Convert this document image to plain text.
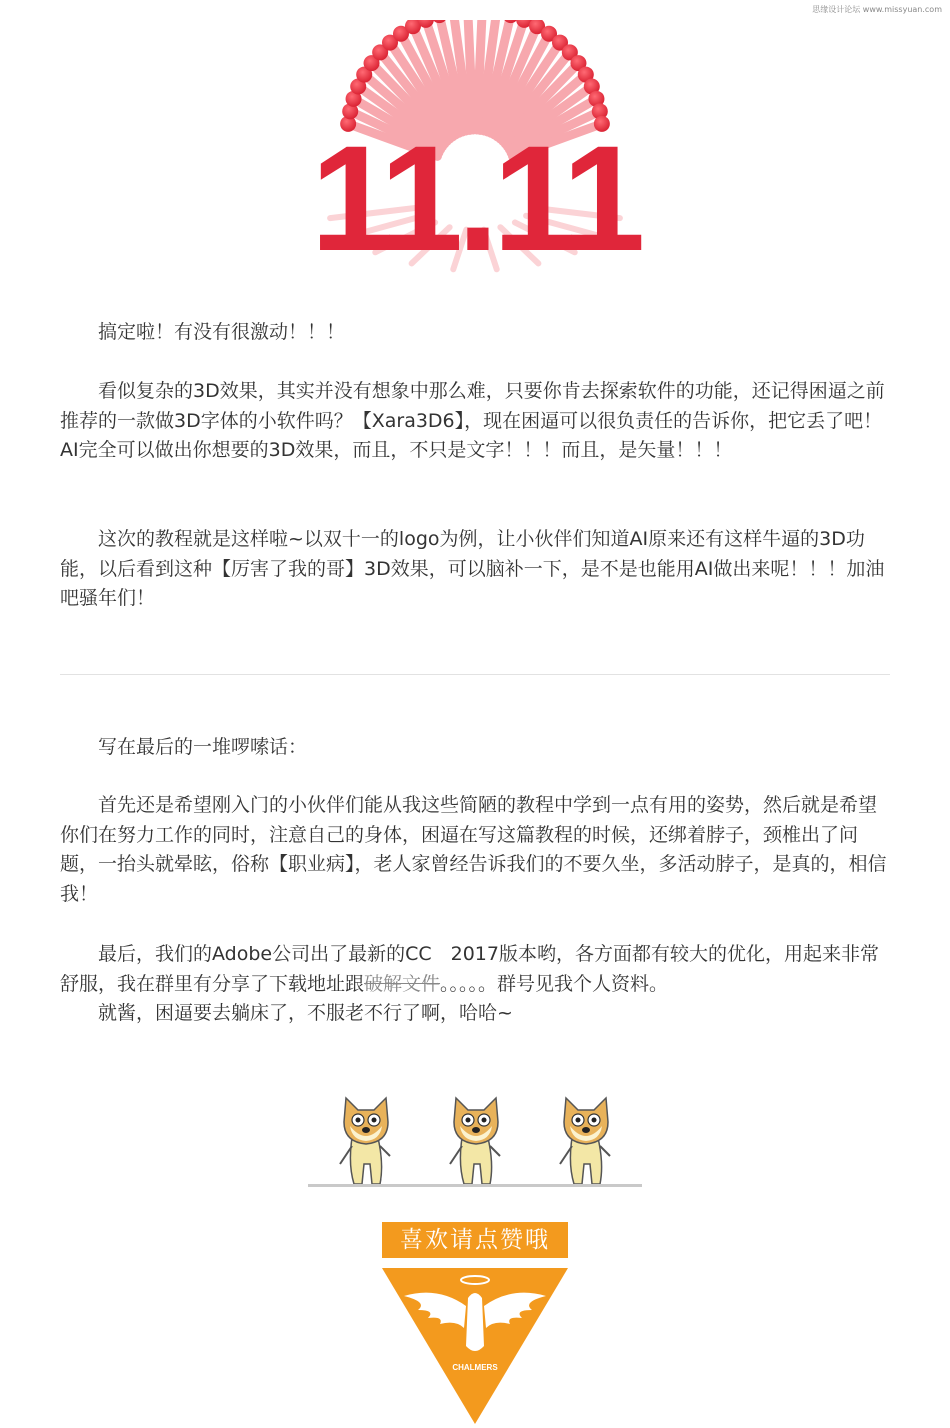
思缘设计论坛 www.missyuan.com
11.11

搞定啦！有没有很激动！！！

看似复杂的3D效果，其实并没有想象中那么难，只要你肯去探索软件的功能，还记得困逼之前推荐的一款做3D字体的小软件吗？【Xara3D6】，现在困逼可以很负责任的告诉你，把它丢了吧！AI完全可以做出你想要的3D效果，而且，不只是文字！！！而且，是矢量！！！

这次的教程就是这样啦~以双十一的logo为例，让小伙伴们知道AI原来还有这样牛逼的3D功能，以后看到这种【厉害了我的哥】3D效果，可以脑补一下，是不是也能用AI做出来呢！！！加油吧骚年们！

写在最后的一堆啰嗦话：

首先还是希望刚入门的小伙伴们能从我这些简陋的教程中学到一点有用的姿势，然后就是希望你们在努力工作的同时，注意自己的身体，困逼在写这篇教程的时候，还绑着脖子，颈椎出了问题，一抬头就晕眩，俗称【职业病】，老人家曾经告诉我们的不要久坐，多活动脖子，是真的，相信我！

最后，我们的Adobe公司出了最新的CC　2017版本哟，各方面都有较大的优化，用起来非常舒服，我在群里有分享了下载地址跟破解文件。。。。。群号见我个人资料。

就酱，困逼要去躺床了，不服老不行了啊，哈哈~

喜欢请点赞哦
CHALMERS
